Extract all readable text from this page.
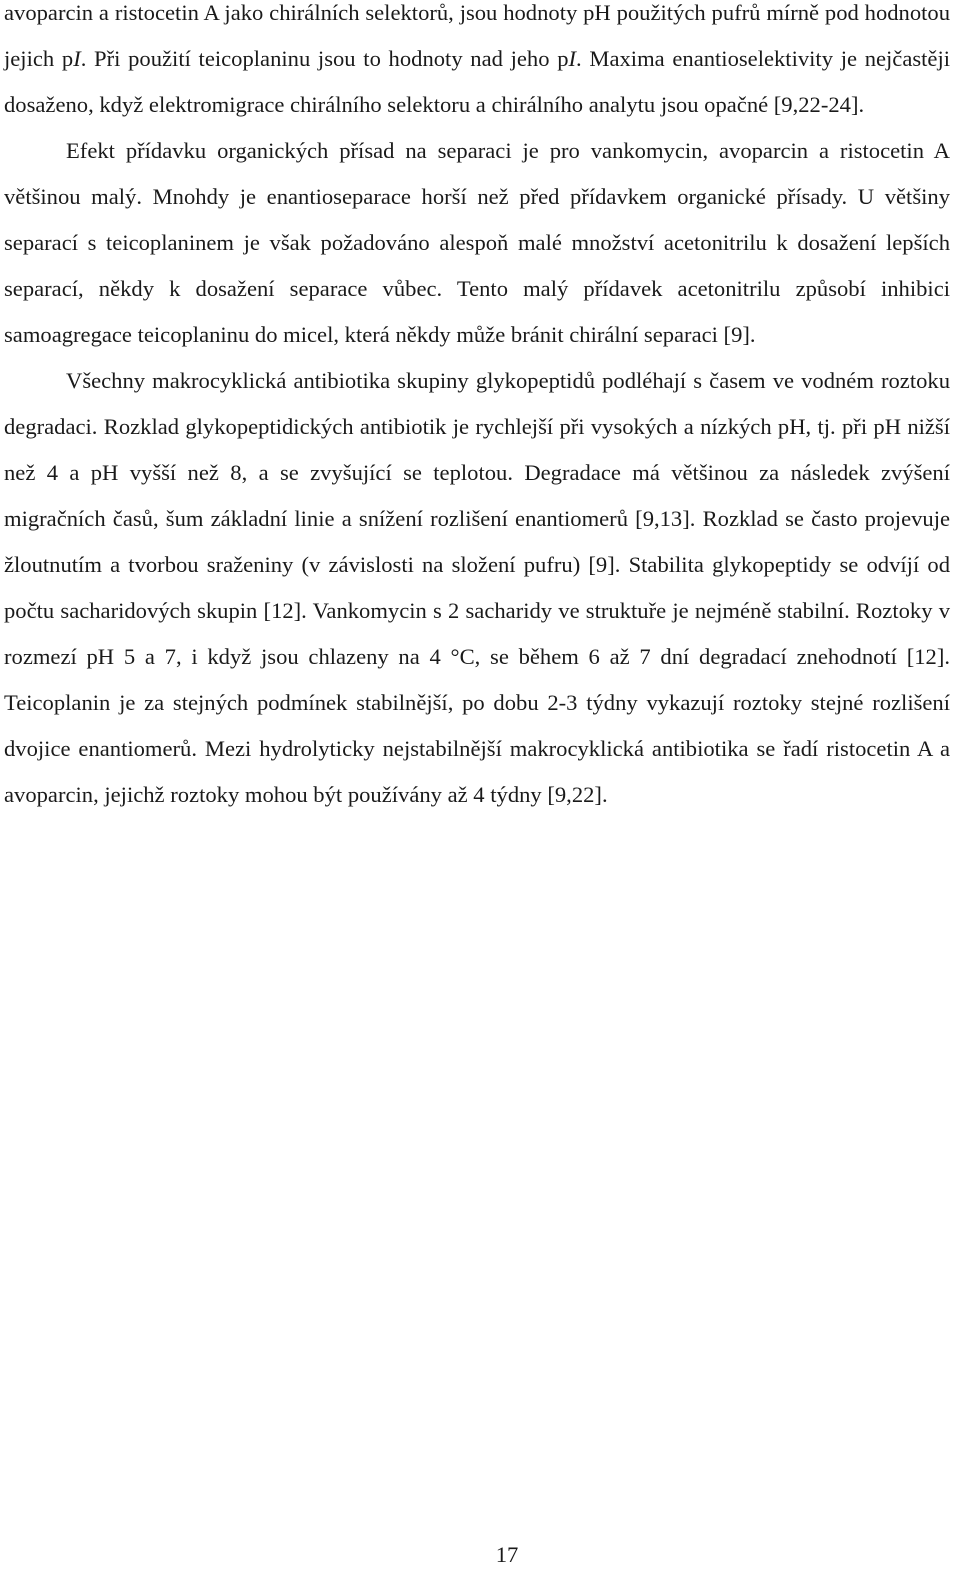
avoparcin a ristocetin A jako chirálních selektorů, jsou hodnoty pH použitých pufrů mírně pod hodnotou jejich pI. Při použití teicoplaninu jsou to hodnoty nad jeho pI. Maxima enantioselektivity je nejčastěji dosaženo, když elektromigrace chirálního selektoru a chirálního analytu jsou opačné [9,22-24].

Efekt přídavku organických přísad na separaci je pro vankomycin, avoparcin a ristocetin A většinou malý. Mnohdy je enantioseparace horší než před přídavkem organické přísady. U většiny separací s teicoplaninem je však požadováno alespoň malé množství acetonitrilu k dosažení lepších separací, někdy k dosažení separace vůbec. Tento malý přídavek acetonitrilu způsobí inhibici samoagregace teicoplaninu do micel, která někdy může bránit chirální separaci [9].

Všechny makrocyklická antibiotika skupiny glykopeptidů podléhají s časem ve vodném roztoku degradaci. Rozklad glykopeptidických antibiotik je rychlejší při vysokých a nízkých pH, tj. při pH nižší než 4 a pH vyšší než 8, a se zvyšující se teplotou. Degradace má většinou za následek zvýšení migračních časů, šum základní linie a snížení rozlišení enantiomerů [9,13]. Rozklad se často projevuje žloutnutím a tvorbou sraženiny (v závislosti na složení pufru) [9]. Stabilita glykopeptidy se odvíjí od počtu sacharidových skupin [12]. Vankomycin s 2 sacharidy ve struktuře je nejméně stabilní. Roztoky v rozmezí pH 5 a 7, i když jsou chlazeny na 4 °C, se během 6 až 7 dní degradací znehodnotí [12]. Teicoplanin je za stejných podmínek stabilnější, po dobu 2-3 týdny vykazují roztoky stejné rozlišení dvojice enantiomerů. Mezi hydrolyticky nejstabilnější makrocyklická antibiotika se řadí ristocetin A a avoparcin, jejichž roztoky mohou být používány až 4 týdny [9,22].

17
